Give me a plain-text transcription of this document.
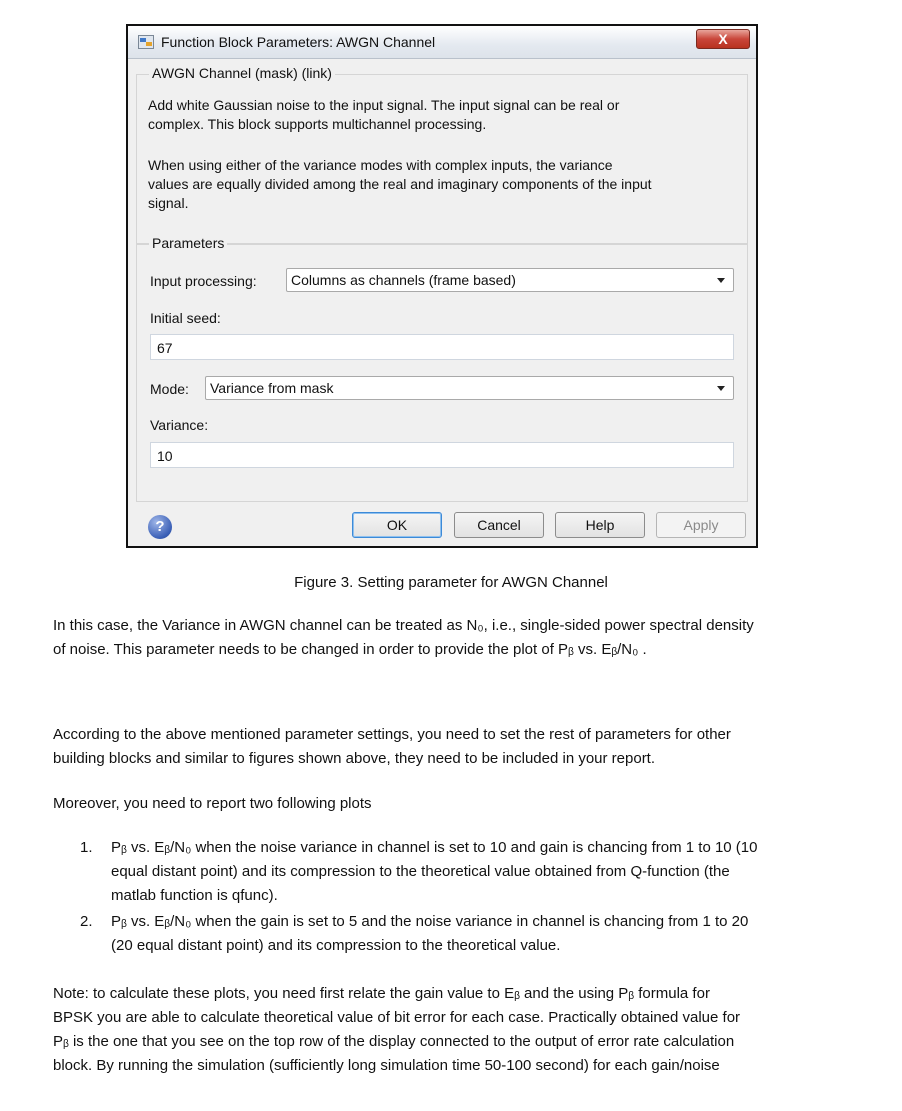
Function Block Parameters: AWGN Channel	X
AWGN Channel (mask) (link)
Add white Gaussian noise to the input signal. The input signal can be real or
complex. This block supports multichannel processing.
When using either of the variance modes with complex inputs, the variance
values are equally divided among the real and imaginary components of the input
signal.
Parameters
Input processing: Columns as channels (frame based)
Initial seed:
67
Mode: Variance from mask
Variance:
10
?	OK	Cancel	Help	Apply
Figure 3. Setting parameter for AWGN Channel
In this case, the Variance in AWGN channel can be treated as N₀, i.e., single-sided power spectral density
of noise. This parameter needs to be changed in order to provide the plot of Pᵦ vs. Eᵦ/N₀ .
According to the above mentioned parameter settings, you need to set the rest of parameters for other
building blocks and similar to figures shown above, they need to be included in your report.
Moreover, you need to report two following plots
1.	Pᵦ vs. Eᵦ/N₀ when the noise variance in channel is set to 10 and gain is chancing from 1 to 10 (10
equal distant point) and its compression to the theoretical value obtained from Q-function (the
matlab function is qfunc).
2.	Pᵦ vs. Eᵦ/N₀ when the gain is set to 5 and the noise variance in channel is chancing from 1 to 20
(20 equal distant point) and its compression to the theoretical value.
Note: to calculate these plots, you need first relate the gain value to Eᵦ and the using Pᵦ formula for
BPSK you are able to calculate theoretical value of bit error for each case. Practically obtained value for
Pᵦ is the one that you see on the top row of the display connected to the output of error rate calculation
block. By running the simulation (sufficiently long simulation time 50-100 second) for each gain/noise
